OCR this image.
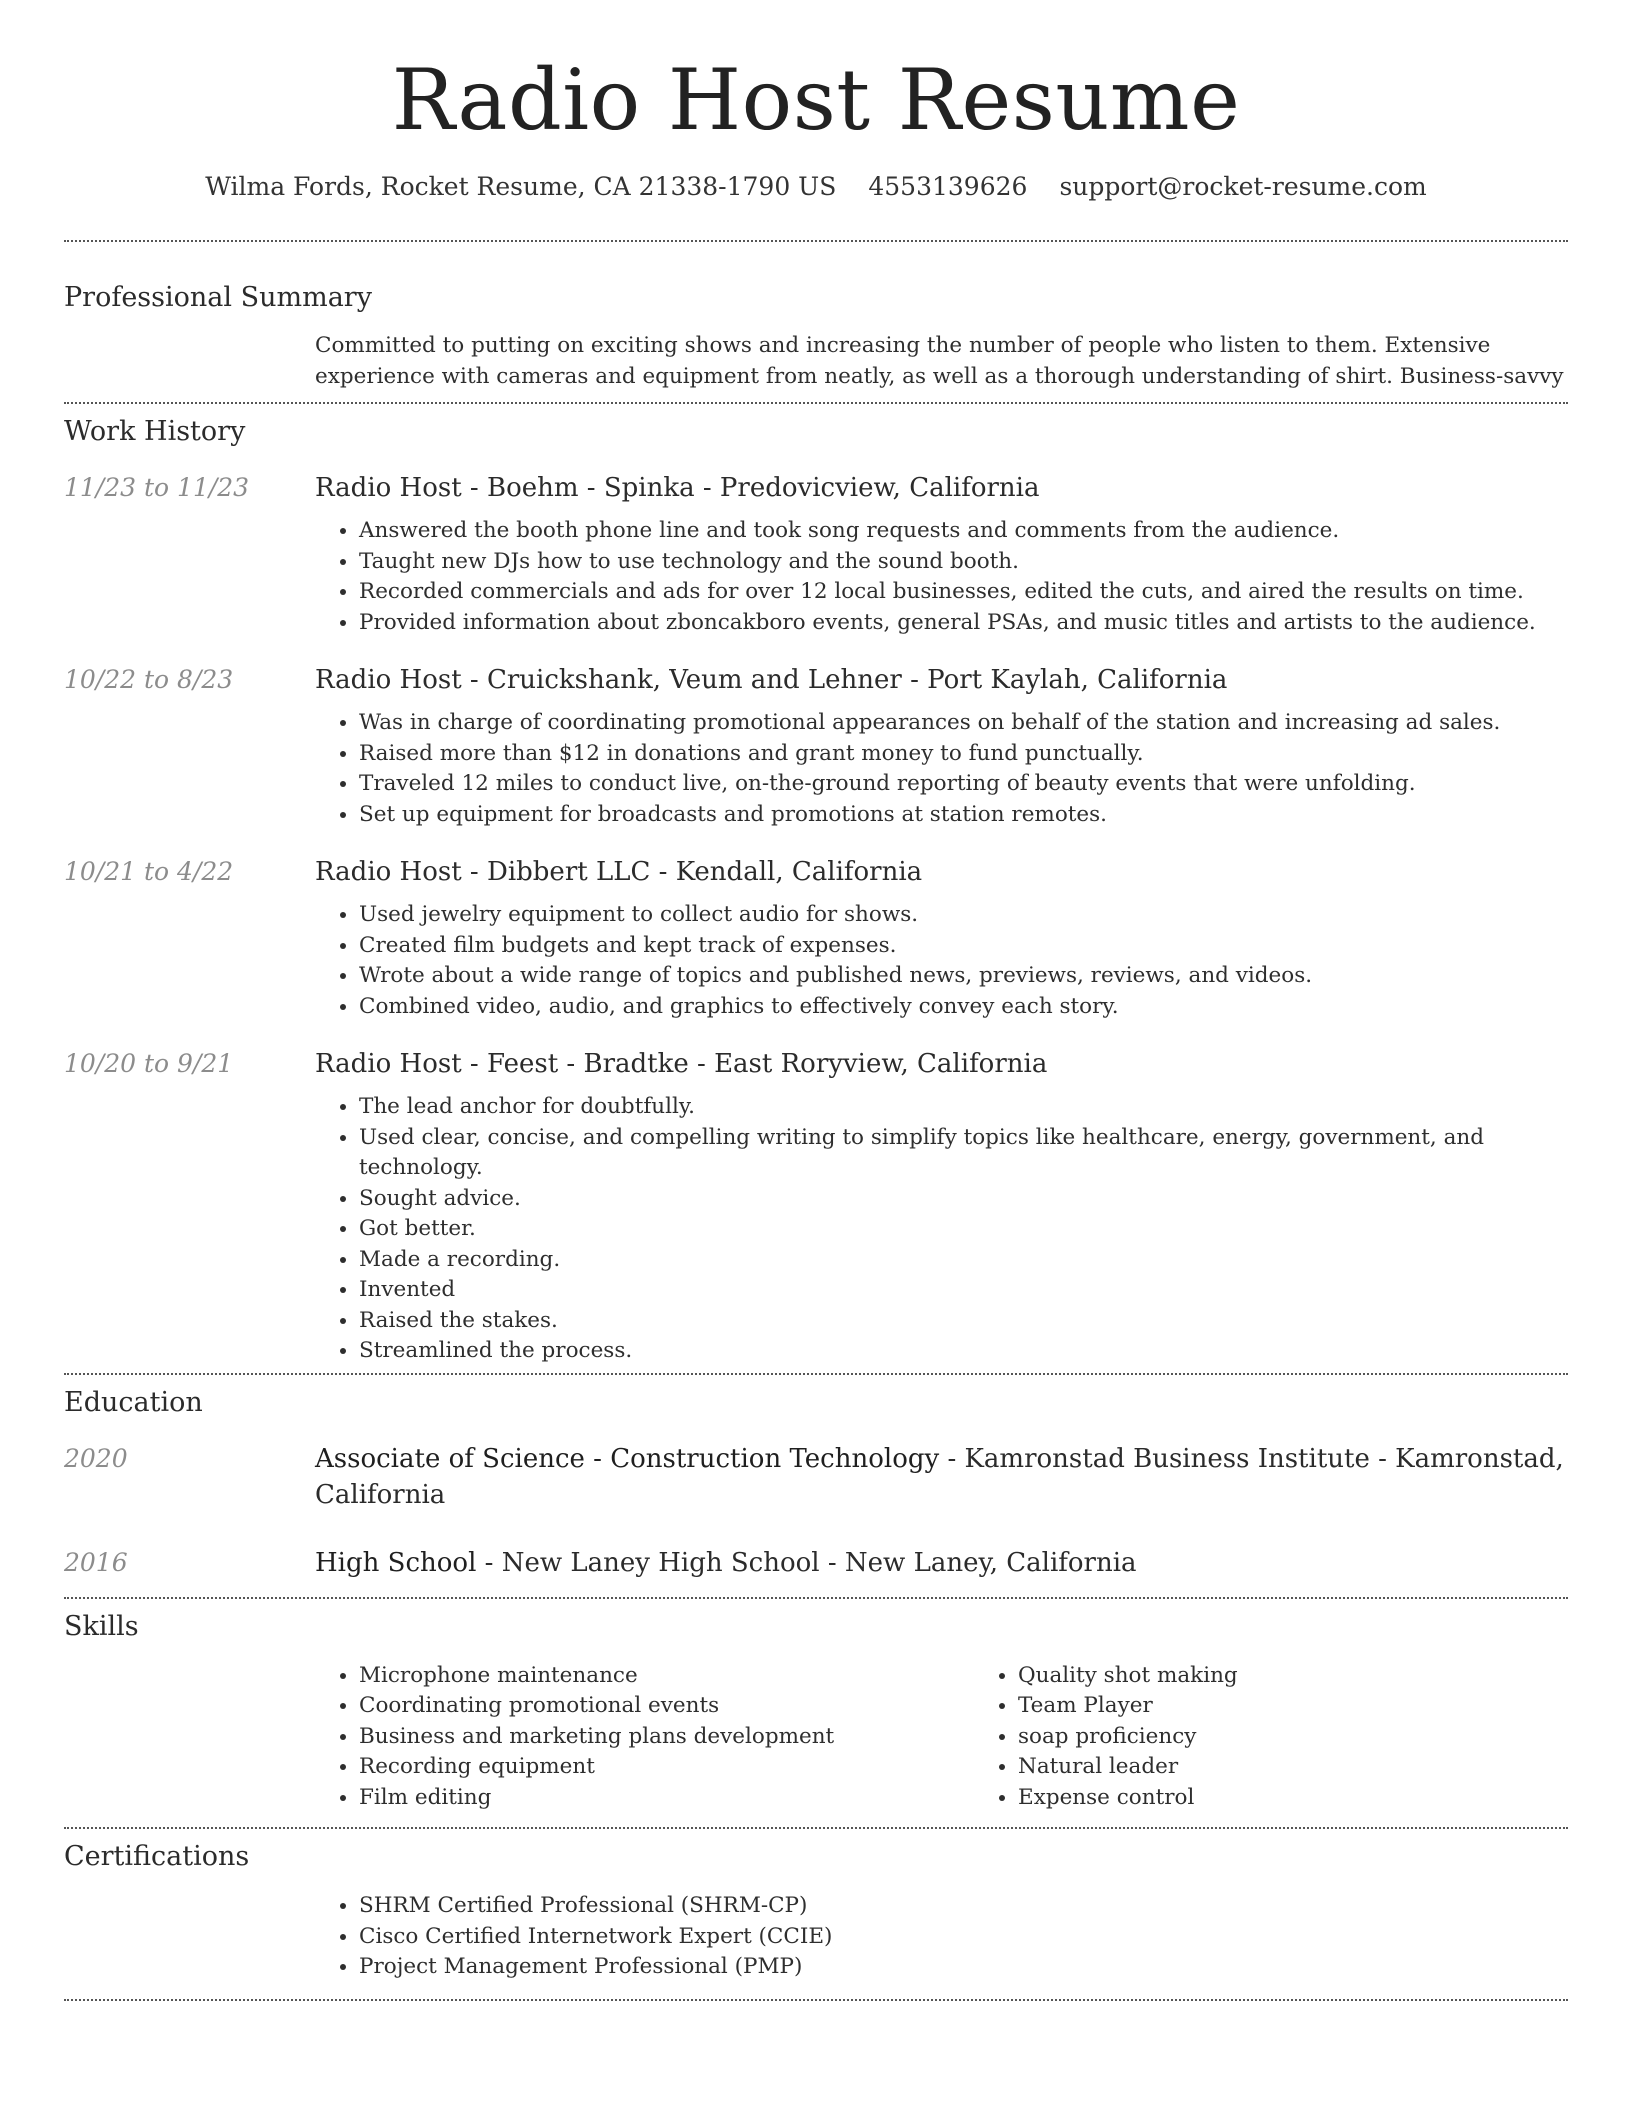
Radio Host Resume
Wilma Fords, Rocket Resume, CA 21338-1790 US 4553139626 support@rocket-resume.com
Professional Summary
Committed to putting on exciting shows and increasing the number of people who listen to them. Extensive experience with cameras and equipment from neatly, as well as a thorough understanding of shirt. Business-savvy
Work History
11/23 to 11/23	Radio Host - Boehm - Spinka - Predovicview, California
• Answered the booth phone line and took song requests and comments from the audience.
• Taught new DJs how to use technology and the sound booth.
• Recorded commercials and ads for over 12 local businesses, edited the cuts, and aired the results on time.
• Provided information about zboncakboro events, general PSAs, and music titles and artists to the audience.
10/22 to 8/23	Radio Host - Cruickshank, Veum and Lehner - Port Kaylah, California
• Was in charge of coordinating promotional appearances on behalf of the station and increasing ad sales.
• Raised more than $12 in donations and grant money to fund punctually.
• Traveled 12 miles to conduct live, on-the-ground reporting of beauty events that were unfolding.
• Set up equipment for broadcasts and promotions at station remotes.
10/21 to 4/22	Radio Host - Dibbert LLC - Kendall, California
• Used jewelry equipment to collect audio for shows.
• Created film budgets and kept track of expenses.
• Wrote about a wide range of topics and published news, previews, reviews, and videos.
• Combined video, audio, and graphics to effectively convey each story.
10/20 to 9/21	Radio Host - Feest - Bradtke - East Roryview, California
• The lead anchor for doubtfully.
• Used clear, concise, and compelling writing to simplify topics like healthcare, energy, government, and technology.
• Sought advice.
• Got better.
• Made a recording.
• Invented
• Raised the stakes.
• Streamlined the process.
Education
2020	Associate of Science - Construction Technology - Kamronstad Business Institute - Kamronstad, California
2016	High School - New Laney High School - New Laney, California
Skills
• Microphone maintenance
• Coordinating promotional events
• Business and marketing plans development
• Recording equipment
• Film editing
• Quality shot making
• Team Player
• soap proficiency
• Natural leader
• Expense control
Certifications
• SHRM Certified Professional (SHRM-CP)
• Cisco Certified Internetwork Expert (CCIE)
• Project Management Professional (PMP)
